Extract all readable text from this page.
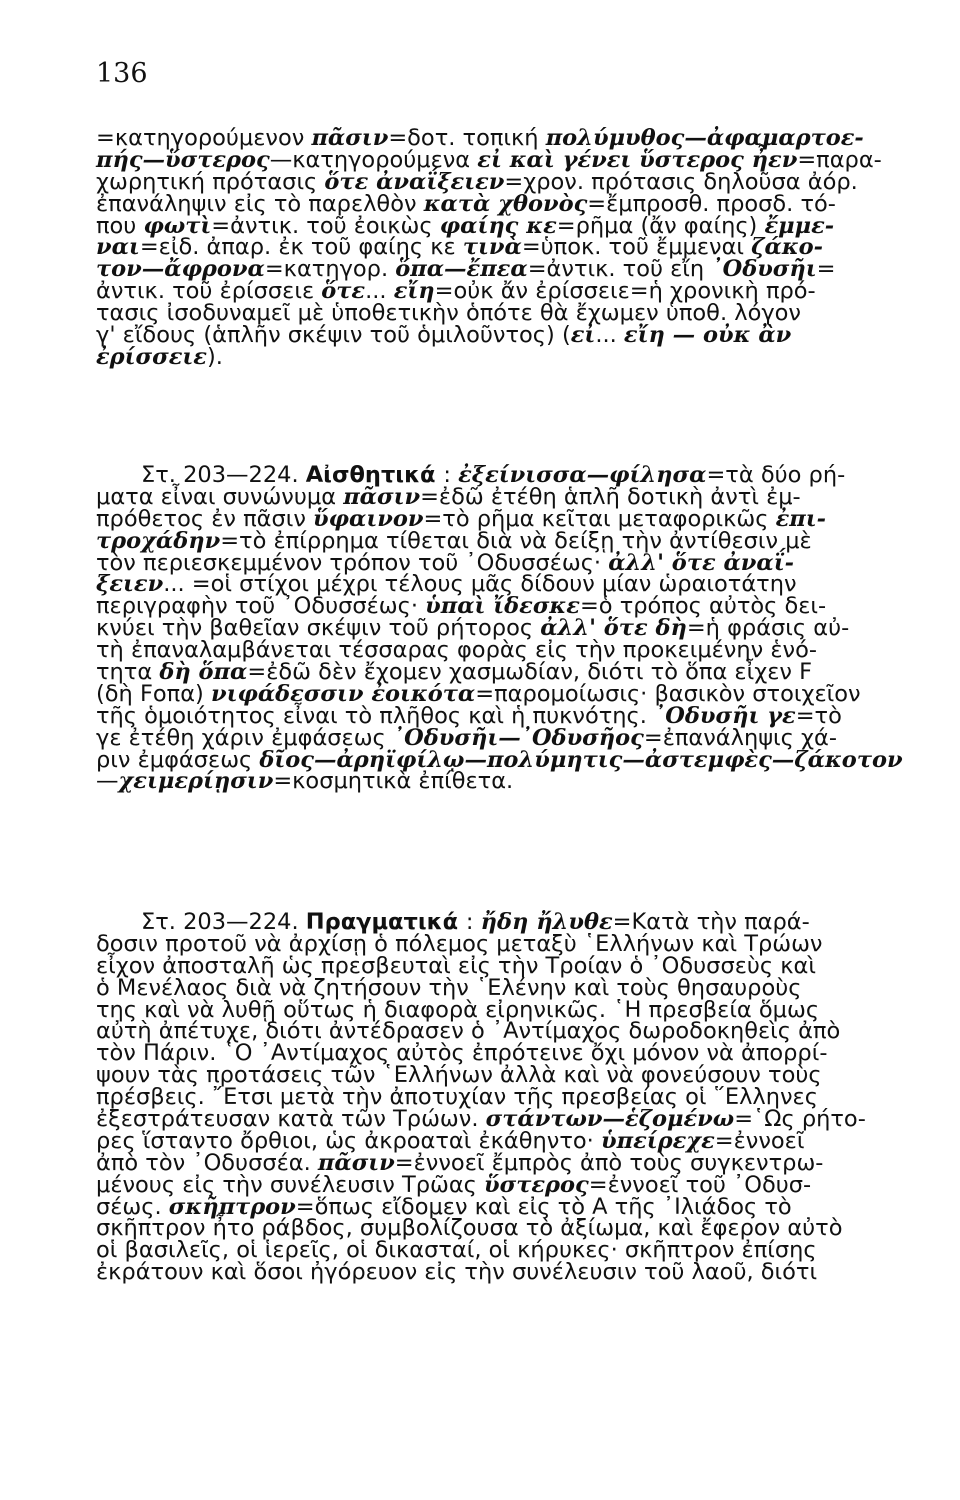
136
=κατηγορούμενον πᾶσιν=δοτ. τοπική πολύμυθος—ἀφαμαρτοε-
πής—ὕστερος—κατηγορούμενα εἰ καὶ γένει ὕστερος ἦεν=παρα-
χωρητική πρότασις ὅτε ἀναΐξειεν=χρον. πρότασις δηλοῦσα ἀόρ.
ἐπανάληψιν εἰς τὸ παρελθὸν κατὰ χθονὸς=ἔμπροσθ. προσδ. τό-
που φωτὶ=ἀντικ. τοῦ ἐοικὼς φαίης κε=ρῆμα (ἄν φαίης) ἔμμε-
ναι=εἰδ. ἀπαρ. ἐκ τοῦ φαίης κε τινὰ=ὑποκ. τοῦ ἔμμεναι ζάκο-
τον—ἄφρονα=κατηγορ. ὅπα—ἔπεα=ἀντικ. τοῦ εἴη ᾿Οδυσῆι=
ἀντικ. τοῦ ἐρίσσειε ὅτε... εἴη=οὐκ ἄν ἐρίσσειε=ἡ χρονικὴ πρό-
τασις ἰσοδυναμεῖ μὲ ὑποθετικὴν ὁπότε θὰ ἔχωμεν ὑποθ. λόγον
γ' εἴδους (ἁπλῆν σκέψιν τοῦ ὁμιλοῦντος) (εἰ... εἴη — οὐκ ἂν
ἐρίσσειε).
Στ. 203—224. Αἰσθητικά : ἐξείνισσα—φίλησα=τὰ δύο ρή-
ματα εἶναι συνώνυμα πᾶσιν=ἐδῶ ἐτέθη ἁπλῆ δοτικὴ ἀντὶ ἐμ-
πρόθετος ἐν πᾶσιν ὕφαινον=τὸ ρῆμα κεῖται μεταφορικῶς ἐπι-
τροχάδην=τὸ ἐπίρρημα τίθεται διὰ νὰ δείξῃ τὴν ἀντίθεσιν μὲ
τὸν περιεσκεμμένον τρόπον τοῦ ᾿Οδυσσέως· ἀλλ' ὅτε ἀναΐ-
ξειεν... =οἱ στίχοι μέχρι τέλους μᾶς δίδουν μίαν ὡραιοτάτην
περιγραφὴν τοῦ ᾿Οδυσσέως· ὑπαὶ ἴδεσκε=ὁ τρόπος αὐτὸς δει-
κνύει τὴν βαθεῖαν σκέψιν τοῦ ρήτορος ἀλλ' ὅτε δὴ=ἡ φράσις αὐ-
τὴ ἐπαναλαμβάνεται τέσσαρας φορὰς εἰς τὴν προκειμένην ἑνό-
τητα δὴ ὅπα=ἐδῶ δὲν ἔχομεν χασμωδίαν, διότι τὸ ὅπα εἶχεν F
(δὴ Fοπα) νιφάδεσσιν ἐοικότα=παρομοίωσις· βασικὸν στοιχεῖον
τῆς ὁμοιότητος εἶναι τὸ πλῆθος καὶ ἡ πυκνότης. ᾿Οδυσῆι γε=τὸ
γε ἐτέθη χάριν ἐμφάσεως ᾿Οδυσῆι—᾿Οδυσῆος=ἐπανάληψις χά-
ριν ἐμφάσεως δῖος—ἀρηϊφίλῳ—πολύμητις—ἀστεμφὲς—ζάκοτον
—χειμερίῃσιν=κοσμητικὰ ἐπίθετα.
Στ. 203—224. Πραγματικά : ἤδη ἤλυθε=Κατὰ τὴν παρά-
δοσιν προτοῦ νὰ ἀρχίσῃ ὁ πόλεμος μεταξὺ ῾Ελλήνων καὶ Τρώων
εἶχον ἀποσταλῆ ὡς πρεσβευταὶ εἰς τὴν Τροίαν ὁ ᾿Οδυσσεὺς καὶ
ὁ Μενέλαος διὰ νὰ ζητήσουν τὴν ῾Ελένην καὶ τοὺς θησαυροὺς
της καὶ νὰ λυθῇ οὕτως ἡ διαφορὰ εἰρηνικῶς. ῾Η πρεσβεία ὅμως
αὐτὴ ἀπέτυχε, διότι ἀντέδρασεν ὁ ᾿Αντίμαχος δωροδοκηθεὶς ἀπὸ
τὸν Πάριν. ῾Ο ᾿Αντίμαχος αὐτὸς ἐπρότεινε ὄχι μόνον νὰ ἀπορρί-
ψουν τὰς προτάσεις τῶν ῾Ελλήνων ἀλλὰ καὶ νὰ φονεύσουν τοὺς
πρέσβεις. ῎Ετσι μετὰ τὴν ἀποτυχίαν τῆς πρεσβείας οἱ ῞Ελληνες
ἐξεστράτευσαν κατὰ τῶν Τρώων. στάντων—ἑζομένω=῾Ως ρήτο-
ρες ἵσταντο ὄρθιοι, ὡς ἀκροαταὶ ἐκάθηντο· ὑπείρεχε=ἐννοεῖ
ἀπὸ τὸν ᾿Οδυσσέα. πᾶσιν=ἐννοεῖ ἔμπρὸς ἀπὸ τοὺς συγκεντρω-
μένους εἰς τὴν συνέλευσιν Τρῶας ὕστερος=ἐννοεῖ τοῦ ᾿Οδυσ-
σέως. σκῆπτρον=ὅπως εἴδομεν καὶ εἰς τὸ Α τῆς ᾿Ιλιάδος τὸ
σκῆπτρον ἦτο ράβδος, συμβολίζουσα τὸ ἀξίωμα, καὶ ἔφερον αὐτὸ
οἱ βασιλεῖς, οἱ ἱερεῖς, οἱ δικασταί, οἱ κήρυκες· σκῆπτρον ἐπίσης
ἐκράτουν καὶ ὅσοι ἠγόρευον εἰς τὴν συνέλευσιν τοῦ λαοῦ, διότι
